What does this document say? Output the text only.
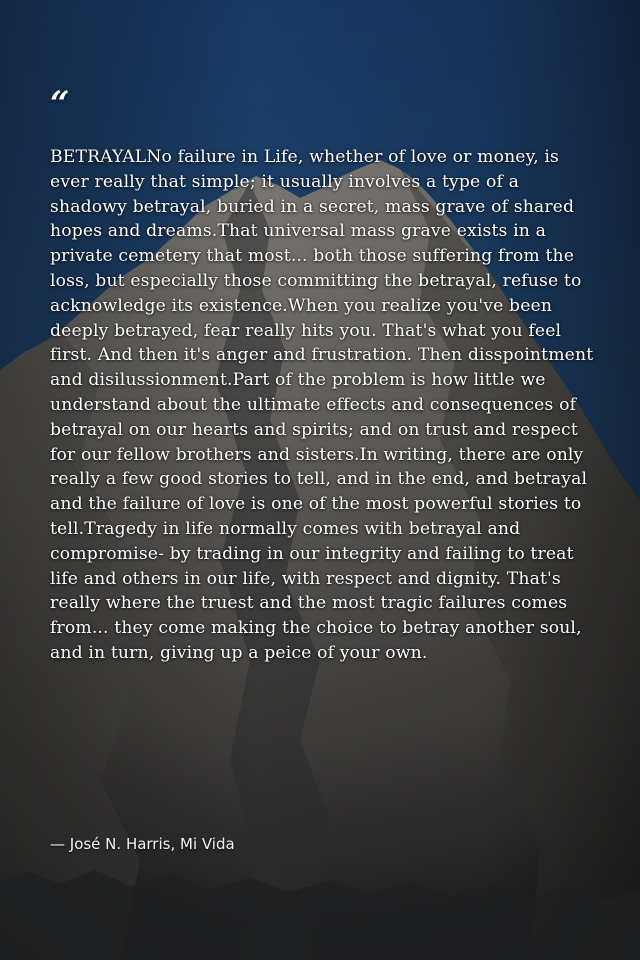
“

BETRAYALNo failure in Life, whether of love or money, is ever really that simple; it usually involves a type of a shadowy betrayal, buried in a secret, mass grave of shared hopes and dreams.That universal mass grave exists in a private cemetery that most... both those suffering from the loss, but especially those committing the betrayal, refuse to acknowledge its existence.When you realize you've been deeply betrayed, fear really hits you. That's what you feel first. And then it's anger and frustration. Then disspointment and disilussionment.Part of the problem is how little we understand about the ultimate effects and consequences of betrayal on our hearts and spirits; and on trust and respect for our fellow brothers and sisters.In writing, there are only really a few good stories to tell, and in the end, and betrayal and the failure of love is one of the most powerful stories to tell.Tragedy in life normally comes with betrayal and compromise- by trading in our integrity and failing to treat life and others in our life, with respect and dignity. That's really where the truest and the most tragic failures comes from... they come making the choice to betray another soul, and in turn, giving up a peice of your own.

— José N. Harris, Mi Vida
